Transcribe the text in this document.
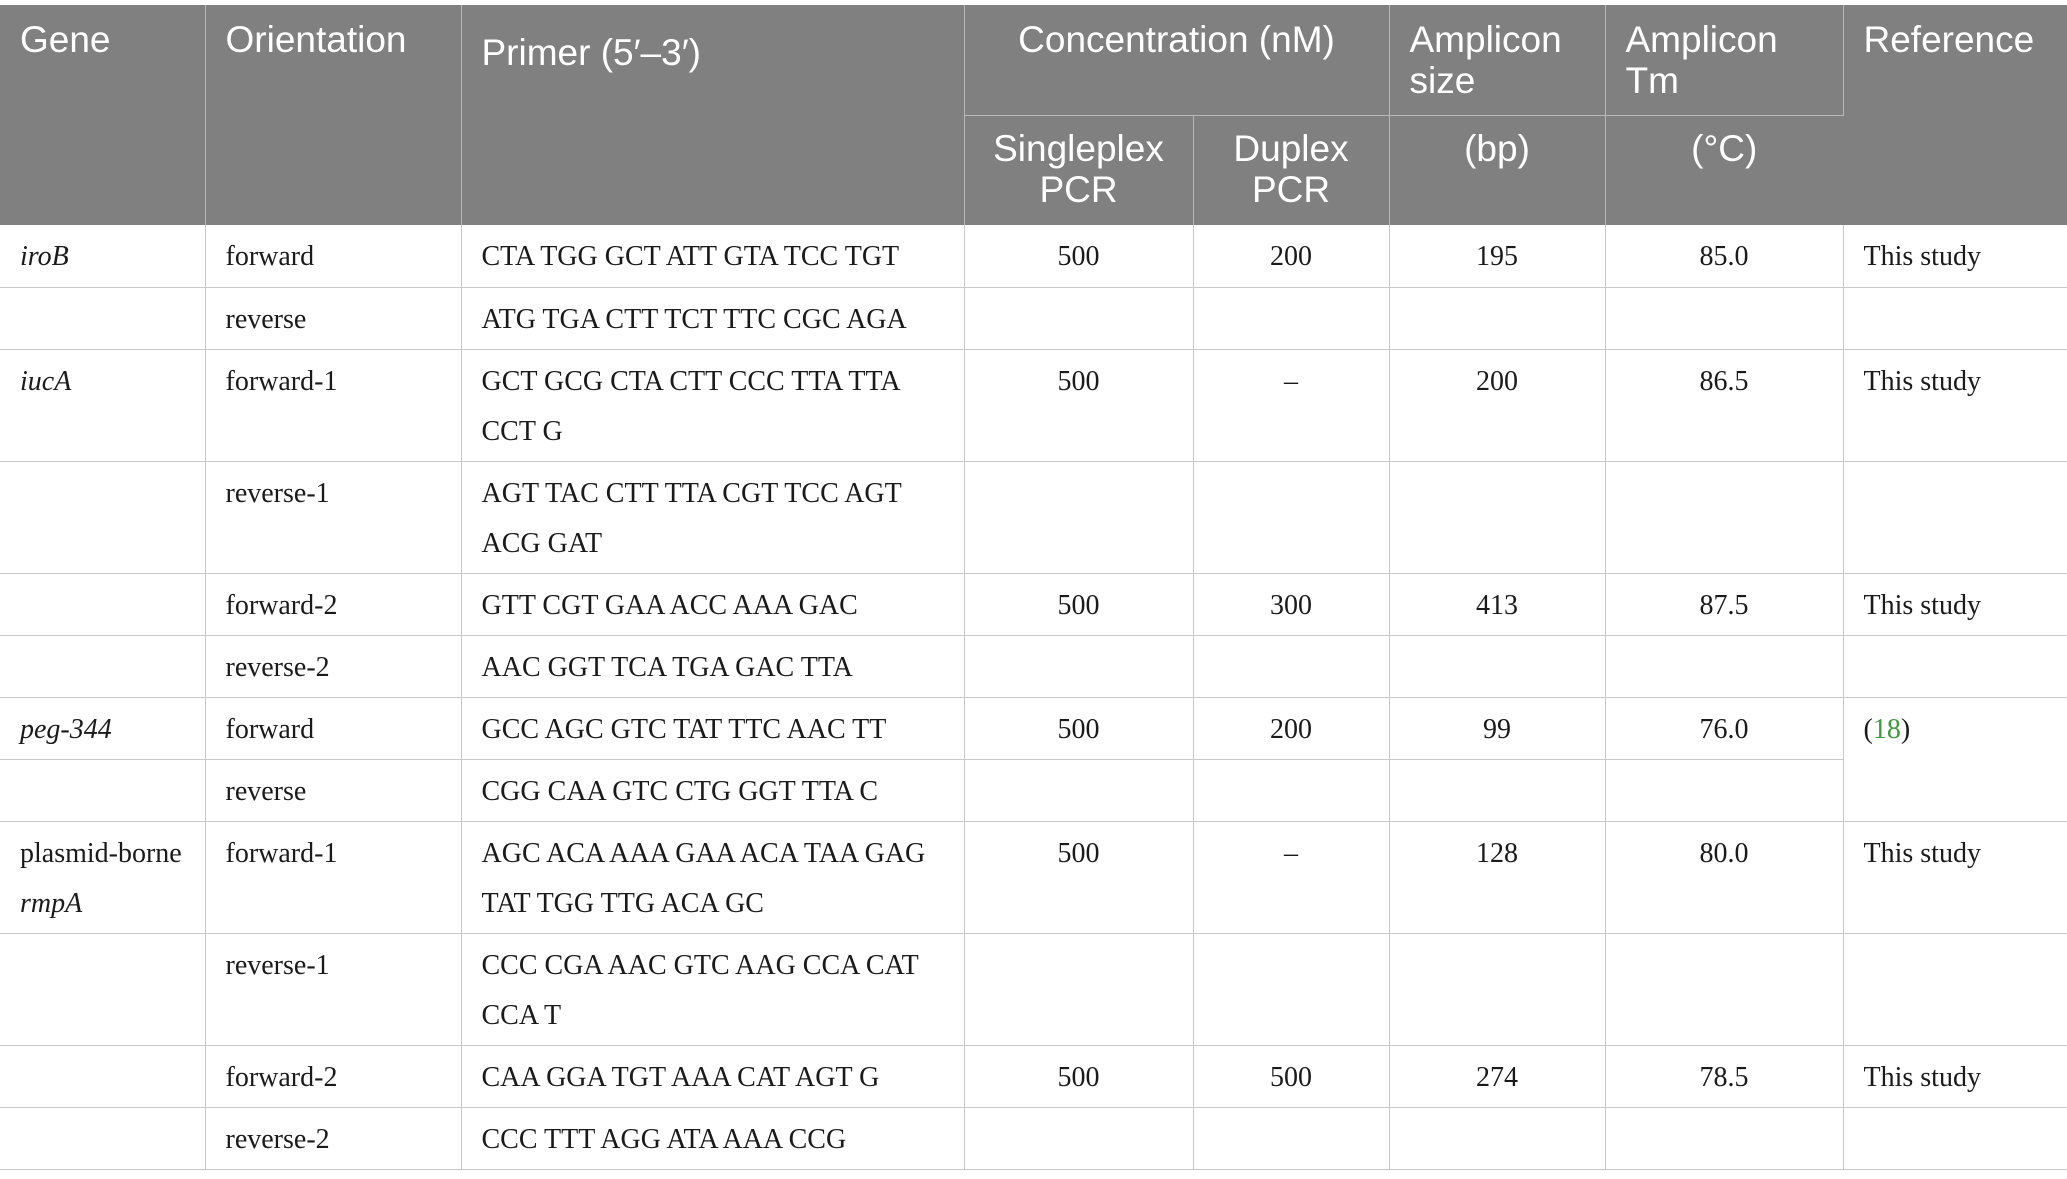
Gene	Orientation	Primer (5′–3′)	Concentration (nM)		Amplicon size	Amplicon Tm	Reference
			Singleplex PCR	Duplex PCR	(bp)	(°C)	
iroB	forward	CTA TGG GCT ATT GTA TCC TGT	500	200	195	85.0	This study
	reverse	ATG TGA CTT TCT TTC CGC AGA					
iucA	forward-1	GCT GCG CTA CTT CCC TTA TTA CCT G	500	–	200	86.5	This study
	reverse-1	AGT TAC CTT TTA CGT TCC AGT ACG GAT					
	forward-2	GTT CGT GAA ACC AAA GAC	500	300	413	87.5	This study
	reverse-2	AAC GGT TCA TGA GAC TTA					
peg-344	forward	GCC AGC GTC TAT TTC AAC TT	500	200	99	76.0	(18)
	reverse	CGG CAA GTC CTG GGT TTA C					
plasmid-borne rmpA	forward-1	AGC ACA AAA GAA ACA TAA GAG TAT TGG TTG ACA GC	500	–	128	80.0	This study
	reverse-1	CCC CGA AAC GTC AAG CCA CAT CCA T					
	forward-2	CAA GGA TGT AAA CAT AGT G	500	500	274	78.5	This study
	reverse-2	CCC TTT AGG ATA AAA CCG					
